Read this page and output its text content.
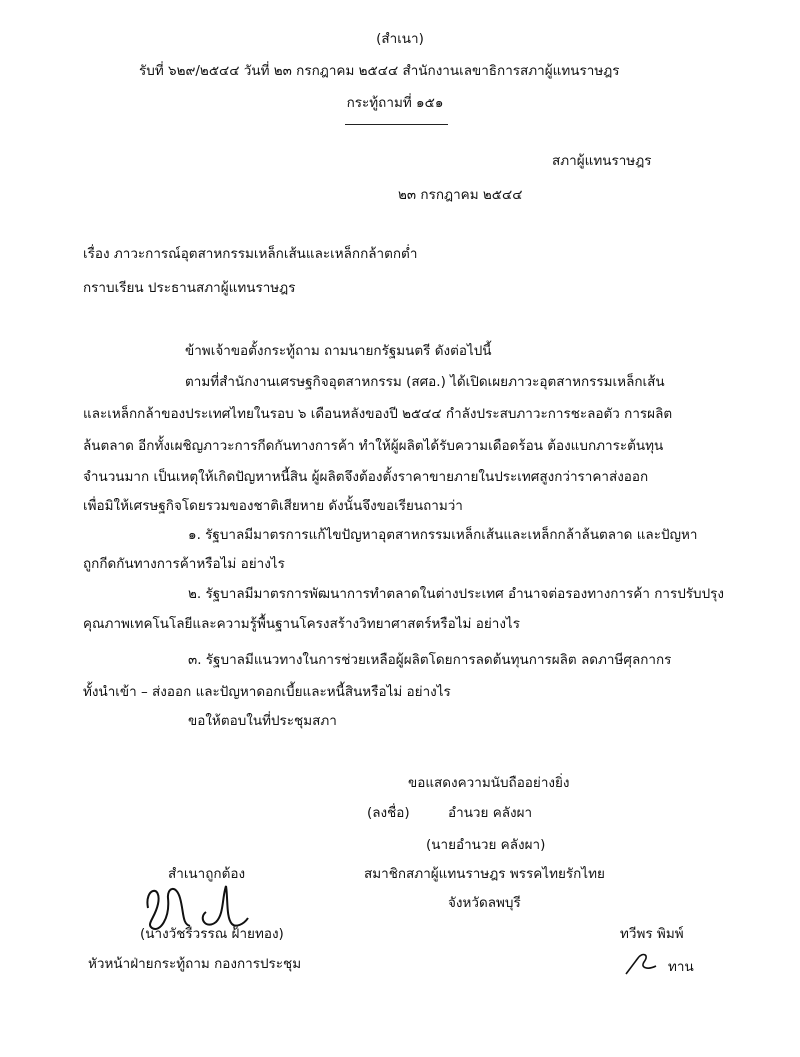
(สำเนา)
รับที่ ๖๒๙/๒๕๔๔ วันที่ ๒๓ กรกฎาคม ๒๕๔๔ สำนักงานเลขาธิการสภาผู้แทนราษฎร
กระทู้ถามที่ ๑๕๑
สภาผู้แทนราษฎร
๒๓ กรกฎาคม ๒๕๔๔
เรื่อง ภาวะการณ์อุตสาหกรรมเหล็กเส้นและเหล็กกล้าตกต่ำ
กราบเรียน ประธานสภาผู้แทนราษฎร
ข้าพเจ้าขอตั้งกระทู้ถาม ถามนายกรัฐมนตรี ดังต่อไปนี้
ตามที่สำนักงานเศรษฐกิจอุตสาหกรรม (สศอ.) ได้เปิดเผยภาวะอุตสาหกรรมเหล็กเส้น
และเหล็กกล้าของประเทศไทยในรอบ ๖ เดือนหลังของปี ๒๕๔๔ กำลังประสบภาวะการชะลอตัว การผลิต
ล้นตลาด อีกทั้งเผชิญภาวะการกีดกันทางการค้า ทำให้ผู้ผลิตได้รับความเดือดร้อน ต้องแบกภาระต้นทุน
จำนวนมาก เป็นเหตุให้เกิดปัญหาหนี้สิน ผู้ผลิตจึงต้องตั้งราคาขายภายในประเทศสูงกว่าราคาส่งออก
เพื่อมิให้เศรษฐกิจโดยรวมของชาติเสียหาย ดังนั้นจึงขอเรียนถามว่า
๑. รัฐบาลมีมาตรการแก้ไขปัญหาอุตสาหกรรมเหล็กเส้นและเหล็กกล้าล้นตลาด และปัญหา
ถูกกีดกันทางการค้าหรือไม่ อย่างไร
๒. รัฐบาลมีมาตรการพัฒนาการทำตลาดในต่างประเทศ อำนาจต่อรองทางการค้า การปรับปรุง
คุณภาพเทคโนโลยีและความรู้พื้นฐานโครงสร้างวิทยาศาสตร์หรือไม่ อย่างไร
๓. รัฐบาลมีแนวทางในการช่วยเหลือผู้ผลิตโดยการลดต้นทุนการผลิต ลดภาษีศุลกากร
ทั้งนำเข้า – ส่งออก และปัญหาดอกเบี้ยและหนี้สินหรือไม่ อย่างไร
ขอให้ตอบในที่ประชุมสภา
ขอแสดงความนับถืออย่างยิ่ง
(ลงชื่อ)	อำนวย คลังผา
(นายอำนวย คลังผา)
สมาชิกสภาผู้แทนราษฎร พรรคไทยรักไทย
จังหวัดลพบุรี
สำเนาถูกต้อง
(นางวัชรีวรรณ ฝ้ายทอง)
หัวหน้าฝ่ายกระทู้ถาม กองการประชุม
ทวีพร พิมพ์
ทาน
